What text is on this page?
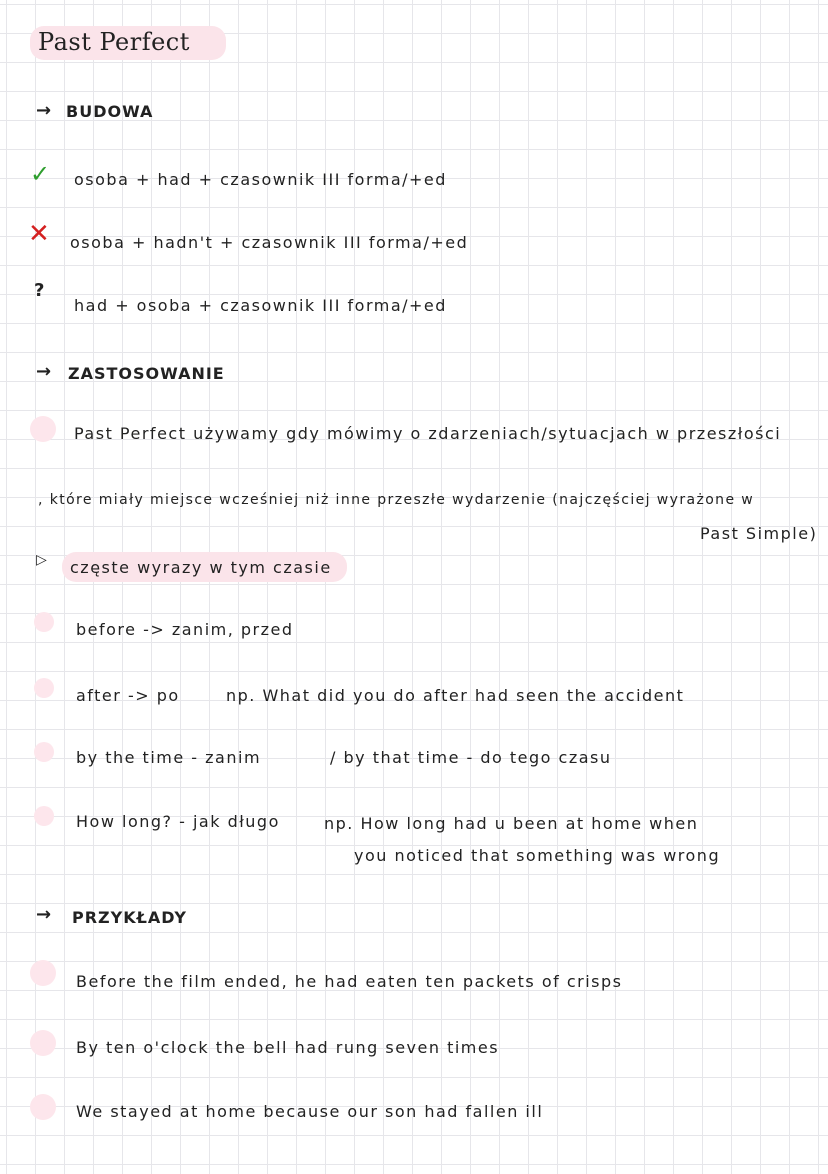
Past Perfect
→ BUDOWA
✓ osoba + had + czasownik III forma/+ed
✕ osoba + hadn't + czasownik III forma/+ed
?
had + osoba + czasownik III forma/+ed
→ ZASTOSOWANIE
Past Perfect używamy gdy mówimy o zdarzeniach/sytuacjach w przeszłości
, które miały miejsce wcześniej niż inne przeszłe wydarzenie (najczęściej wyrażone w
Past Simple)
▷ częste wyrazy w tym czasie
before -> zanim, przed
after -> po	np. What did you do after had seen the accident
by the time - zanim	/ by that time - do tego czasu
How long? - jak długo	np. How long had u been at home when
you noticed that something was wrong
→ PRZYKŁADY
Before the film ended, he had eaten ten packets of crisps
By ten o'clock the bell had rung seven times
We stayed at home because our son had fallen ill
